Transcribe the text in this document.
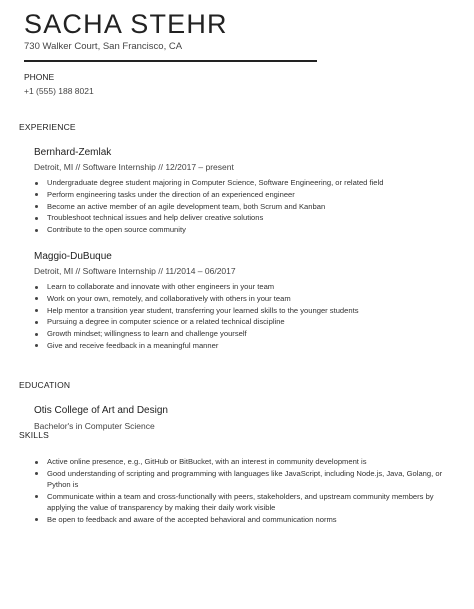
SACHA STEHR
730 Walker Court, San Francisco, CA
PHONE
+1 (555) 188 8021
EXPERIENCE
Bernhard-Zemlak
Detroit, MI // Software Internship // 12/2017 – present
Undergraduate degree student majoring in Computer Science, Software Engineering, or related field
Perform engineering tasks under the direction of an experienced engineer
Become an active member of an agile development team, both Scrum and Kanban
Troubleshoot technical issues and help deliver creative solutions
Contribute to the open source community
Maggio-DuBuque
Detroit, MI // Software Internship // 11/2014 – 06/2017
Learn to collaborate and innovate with other engineers in your team
Work on your own, remotely, and collaboratively with others in your team
Help mentor a transition year student, transferring your learned skills to the younger students
Pursuing a degree in computer science or a related technical discipline
Growth mindset; willingness to learn and challenge yourself
Give and receive feedback in a meaningful manner
EDUCATION
Otis College of Art and Design
Bachelor's in Computer Science
SKILLS
Active online presence, e.g., GitHub or BitBucket, with an interest in community development is
Good understanding of scripting and programming with languages like JavaScript, including Node.js, Java, Golang, or Python is
Communicate within a team and cross-functionally with peers, stakeholders, and upstream community members by applying the value of transparency by making their daily work visible
Be open to feedback and aware of the accepted behavioral and communication norms
